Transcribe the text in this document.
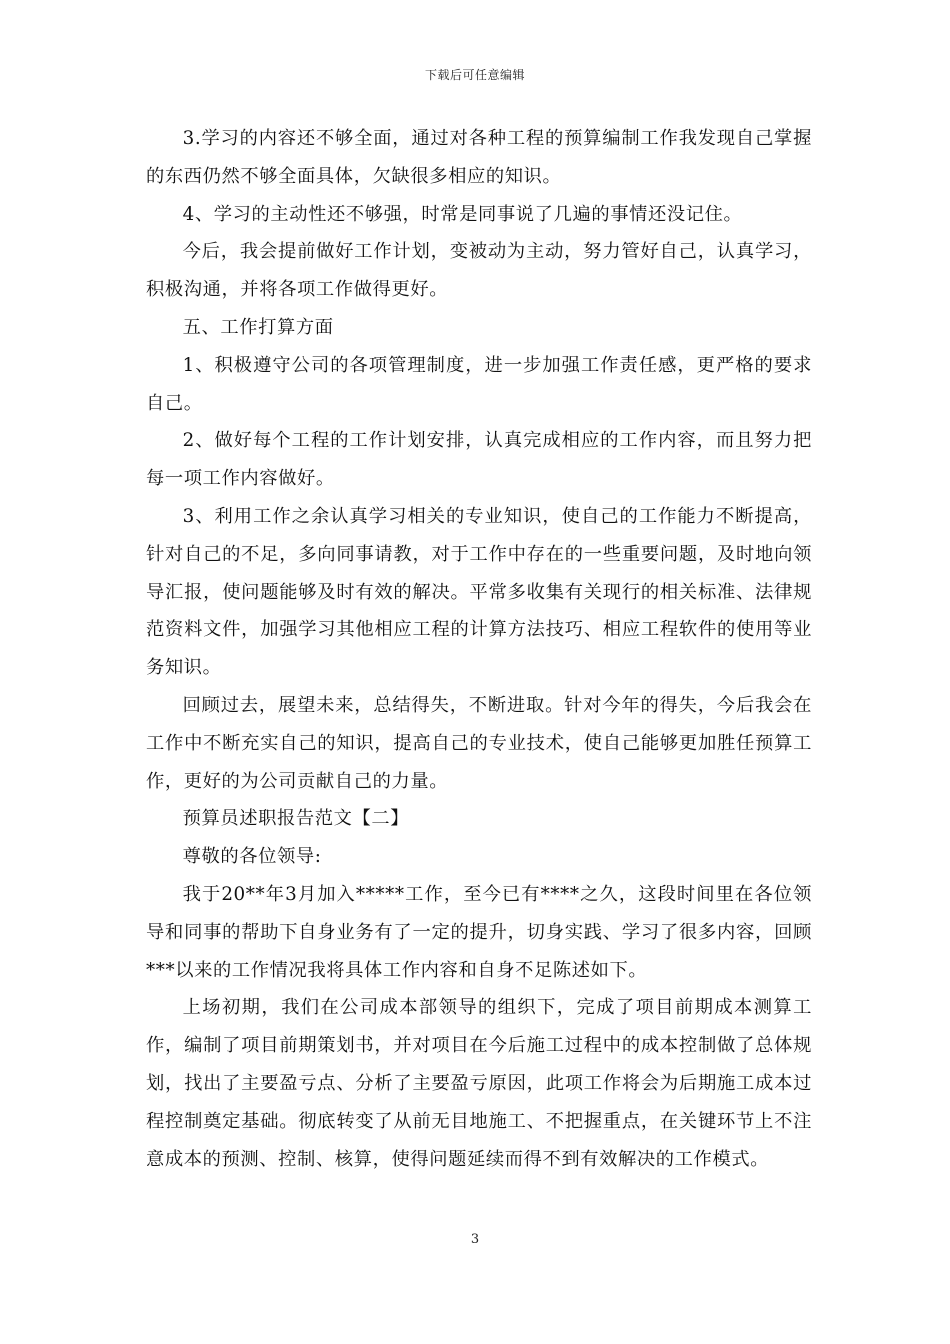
下载后可任意编辑

3.学习的内容还不够全面，通过对各种工程的预算编制工作我发现自己掌握的东西仍然不够全面具体，欠缺很多相应的知识。

4、学习的主动性还不够强，时常是同事说了几遍的事情还没记住。

今后，我会提前做好工作计划，变被动为主动，努力管好自己，认真学习，积极沟通，并将各项工作做得更好。

五、工作打算方面

1、积极遵守公司的各项管理制度，进一步加强工作责任感，更严格的要求自己。

2、做好每个工程的工作计划安排，认真完成相应的工作内容，而且努力把每一项工作内容做好。

3、利用工作之余认真学习相关的专业知识，使自己的工作能力不断提高，针对自己的不足，多向同事请教，对于工作中存在的一些重要问题，及时地向领导汇报，使问题能够及时有效的解决。平常多收集有关现行的相关标准、法律规范资料文件，加强学习其他相应工程的计算方法技巧、相应工程软件的使用等业务知识。

回顾过去，展望未来，总结得失，不断进取。针对今年的得失，今后我会在工作中不断充实自己的知识，提高自己的专业技术，使自己能够更加胜任预算工作，更好的为公司贡献自己的力量。

预算员述职报告范文【二】

尊敬的各位领导:

我于20**年3月加入*****工作，至今已有****之久，这段时间里在各位领导和同事的帮助下自身业务有了一定的提升，切身实践、学习了很多内容，回顾***以来的工作情况我将具体工作内容和自身不足陈述如下。

上场初期，我们在公司成本部领导的组织下，完成了项目前期成本测算工作，编制了项目前期策划书，并对项目在今后施工过程中的成本控制做了总体规划，找出了主要盈亏点、分析了主要盈亏原因，此项工作将会为后期施工成本过程控制奠定基础。彻底转变了从前无目地施工、不把握重点，在关键环节上不注意成本的预测、控制、核算，使得问题延续而得不到有效解决的工作模式。

3
